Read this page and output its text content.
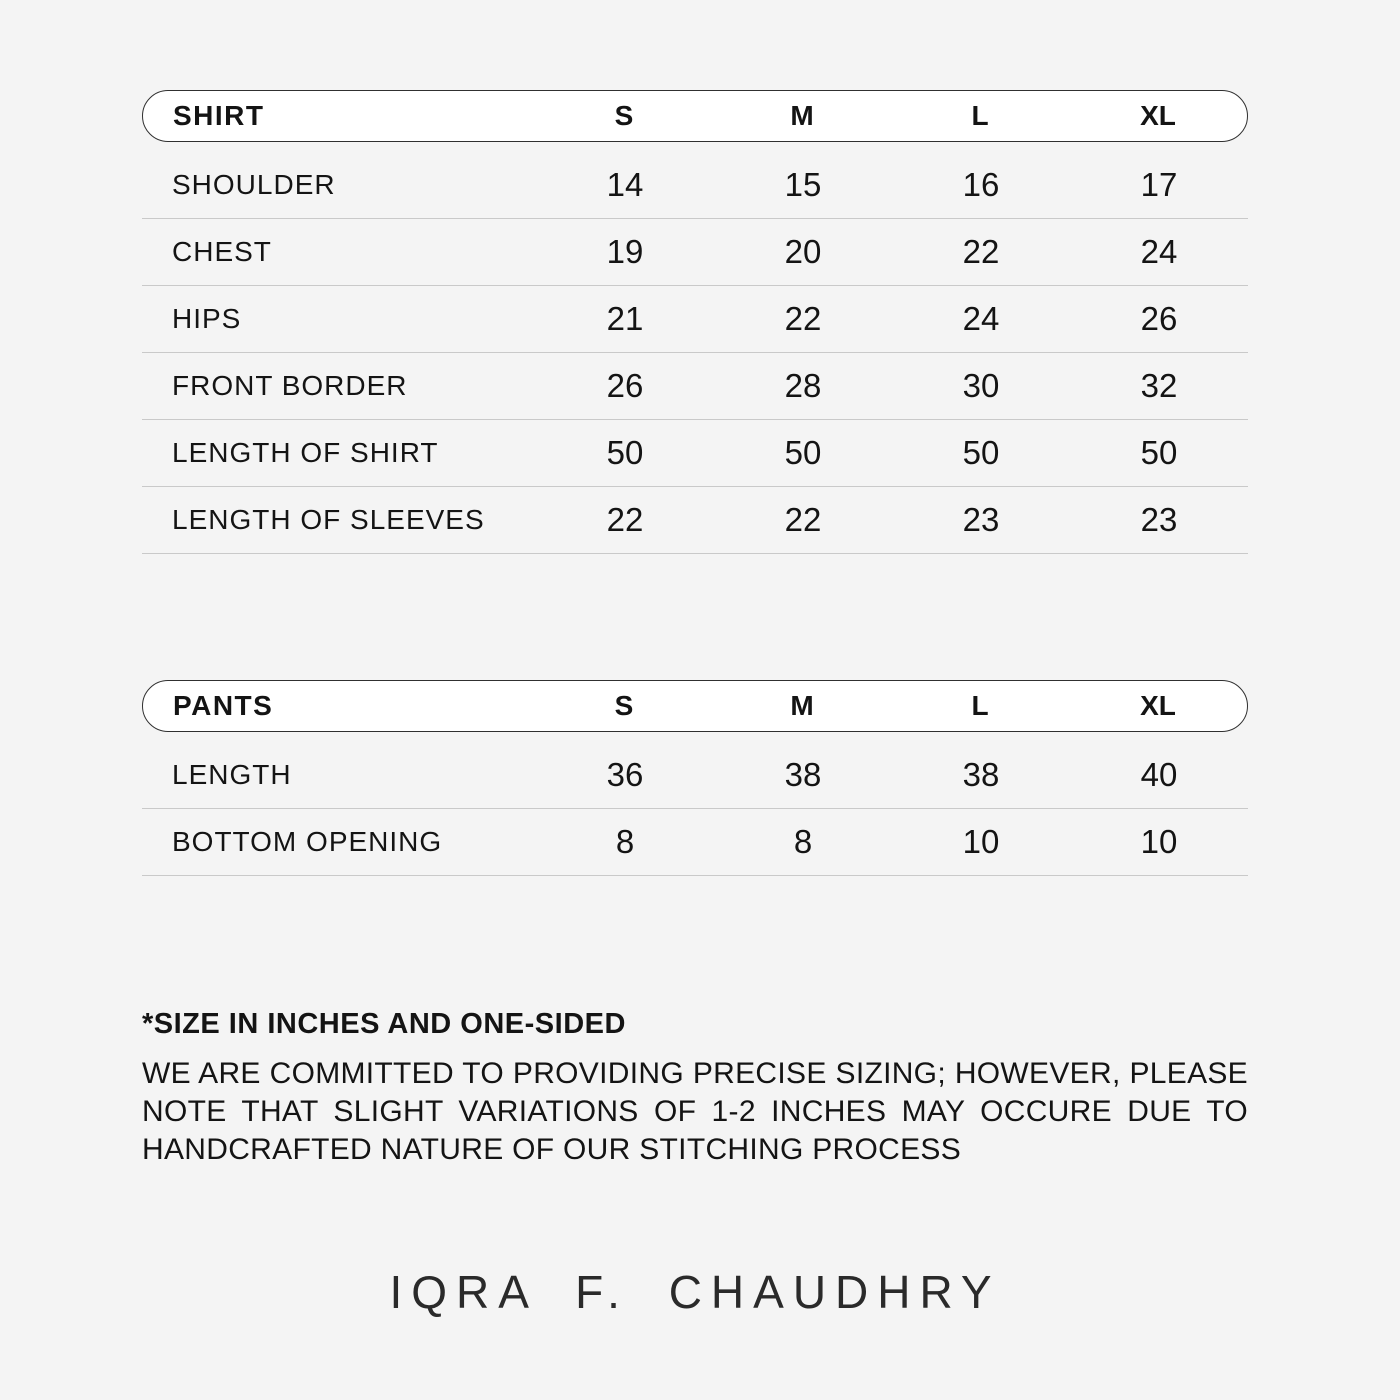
SHIRT	S	M	L	XL
SHOULDER	14	15	16	17
CHEST	19	20	22	24
HIPS	21	22	24	26
FRONT BORDER	26	28	30	32
LENGTH OF SHIRT	50	50	50	50
LENGTH OF SLEEVES	22	22	23	23
PANTS	S	M	L	XL
LENGTH	36	38	38	40
BOTTOM OPENING	8	8	10	10
*SIZE IN INCHES AND ONE-SIDED
WE ARE COMMITTED TO PROVIDING PRECISE SIZING; HOWEVER, PLEASE NOTE THAT SLIGHT VARIATIONS OF 1-2 INCHES MAY OCCURE DUE TO HANDCRAFTED NATURE OF OUR STITCHING PROCESS
IQRA F. CHAUDHRY
